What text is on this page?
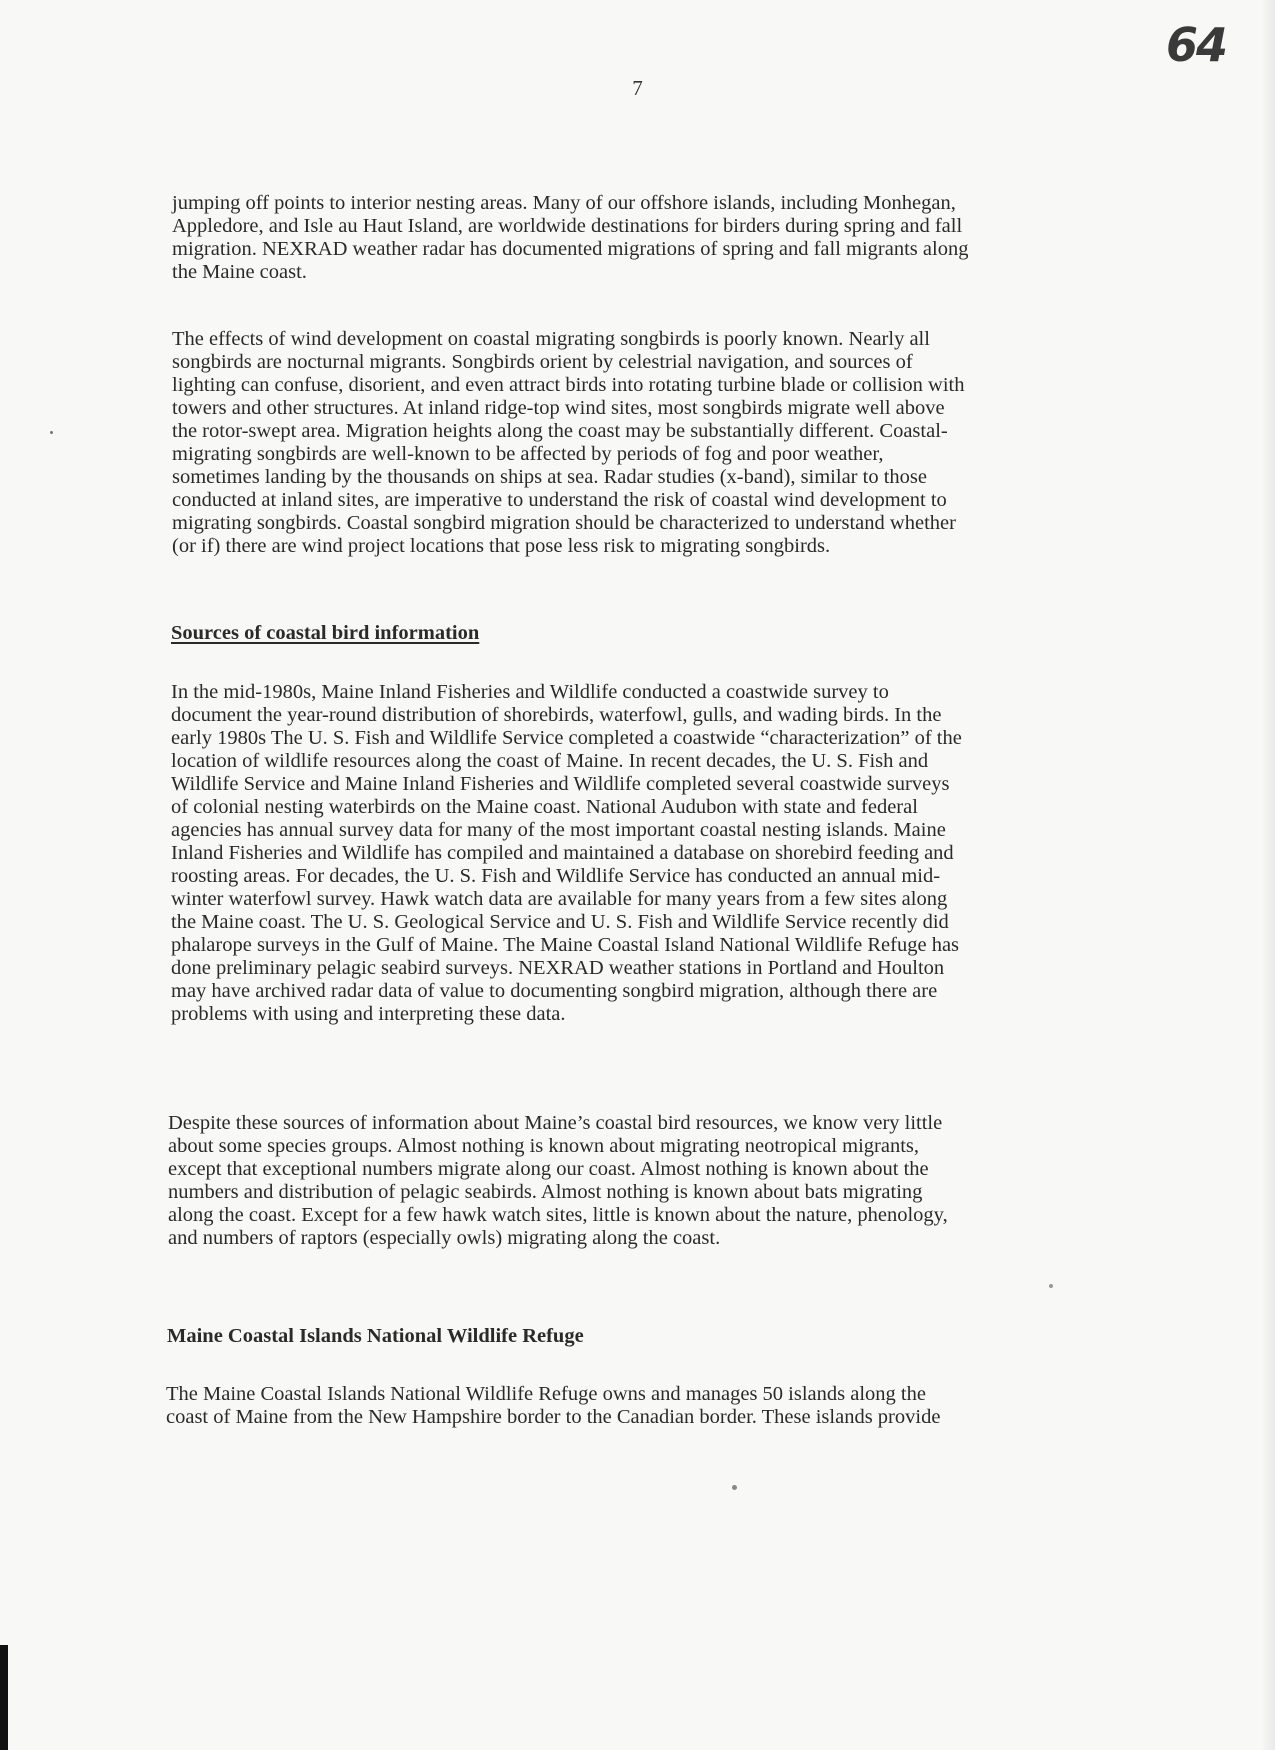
64
7

jumping off points to interior nesting areas. Many of our offshore islands, including Monhegan,
Appledore, and Isle au Haut Island, are worldwide destinations for birders during spring and fall
migration. NEXRAD weather radar has documented migrations of spring and fall migrants along
the Maine coast.

The effects of wind development on coastal migrating songbirds is poorly known. Nearly all
songbirds are nocturnal migrants. Songbirds orient by celestrial navigation, and sources of
lighting can confuse, disorient, and even attract birds into rotating turbine blade or collision with
towers and other structures. At inland ridge-top wind sites, most songbirds migrate well above
the rotor-swept area. Migration heights along the coast may be substantially different. Coastal-
migrating songbirds are well-known to be affected by periods of fog and poor weather,
sometimes landing by the thousands on ships at sea. Radar studies (x-band), similar to those
conducted at inland sites, are imperative to understand the risk of coastal wind development to
migrating songbirds. Coastal songbird migration should be characterized to understand whether
(or if) there are wind project locations that pose less risk to migrating songbirds.

Sources of coastal bird information

In the mid-1980s, Maine Inland Fisheries and Wildlife conducted a coastwide survey to
document the year-round distribution of shorebirds, waterfowl, gulls, and wading birds. In the
early 1980s The U. S. Fish and Wildlife Service completed a coastwide “characterization” of the
location of wildlife resources along the coast of Maine. In recent decades, the U. S. Fish and
Wildlife Service and Maine Inland Fisheries and Wildlife completed several coastwide surveys
of colonial nesting waterbirds on the Maine coast. National Audubon with state and federal
agencies has annual survey data for many of the most important coastal nesting islands. Maine
Inland Fisheries and Wildlife has compiled and maintained a database on shorebird feeding and
roosting areas. For decades, the U. S. Fish and Wildlife Service has conducted an annual mid-
winter waterfowl survey. Hawk watch data are available for many years from a few sites along
the Maine coast. The U. S. Geological Service and U. S. Fish and Wildlife Service recently did
phalarope surveys in the Gulf of Maine. The Maine Coastal Island National Wildlife Refuge has
done preliminary pelagic seabird surveys. NEXRAD weather stations in Portland and Houlton
may have archived radar data of value to documenting songbird migration, although there are
problems with using and interpreting these data.

Despite these sources of information about Maine’s coastal bird resources, we know very little
about some species groups. Almost nothing is known about migrating neotropical migrants,
except that exceptional numbers migrate along our coast. Almost nothing is known about the
numbers and distribution of pelagic seabirds. Almost nothing is known about bats migrating
along the coast. Except for a few hawk watch sites, little is known about the nature, phenology,
and numbers of raptors (especially owls) migrating along the coast.

Maine Coastal Islands National Wildlife Refuge

The Maine Coastal Islands National Wildlife Refuge owns and manages 50 islands along the
coast of Maine from the New Hampshire border to the Canadian border. These islands provide
